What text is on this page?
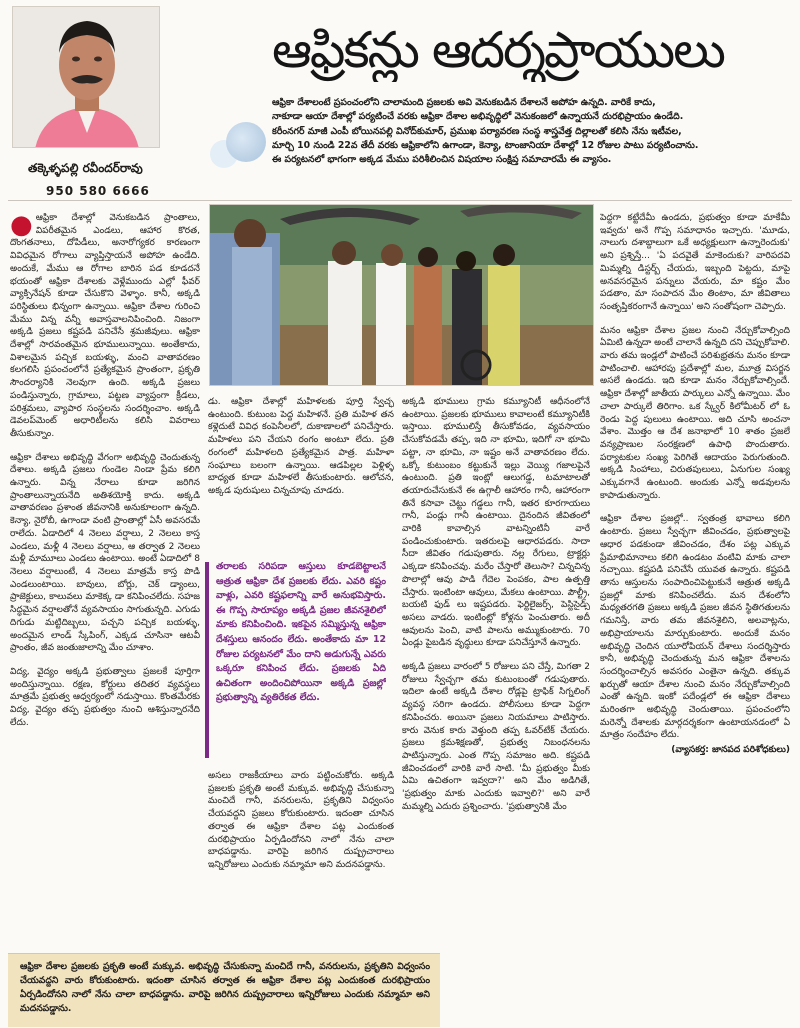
ఆఫ్రికన్లు ఆదర్శప్రాయులు
తక్కెళ్ళపల్లి రవీందర్‌రావు
950 580 6666
ఆఫ్రికా దేశాలంటే ప్రపంచంలోని చాలామంది ప్రజలకు అవి వెనుకబడిన దేశాలనే అపోహ ఉన్నది. వారికే కాదు,
నాకూడా ఆయా దేశాల్లో పర్యటించే వరకు ఆఫ్రికా దేశాల అభివృద్ధిలో వెనుకంజలో ఉన్నాయనే దురభిప్రాయం ఉండేది.
కరీంనగర్ మాజీ ఎంపీ బోయినపల్లి వినోద్‌కుమార్, ప్రముఖ పర్యావరణ సంస్థ శాస్త్రవేత్త దిల్లాలతో కలిసి నేను ఇటీవల,
మార్చి 10 నుండి 22వ తేదీ వరకు ఆఫ్రికాలోని ఉగాండా, కెన్యా, టాంజానియా దేశాల్లో 12 రోజుల పాటు పర్యటించాను.
ఈ పర్యటనలో భాగంగా అక్కడ మేము పరిశీలించిన విషయాల సంక్షిప్త సమాచారమే ఈ వ్యాసం.

● ఆఫ్రికా దేశాల్లో వెనుకబడిన ప్రాంతాలు, విపరీతమైన ఎండలు, ఆహార కొరత, దొంగతనాలు, దోపిడీలు, అనారోగ్యకర కారణంగా వివిధమైన రోగాలు వ్యాప్తిస్తాయనే అపోహ ఉండేది. అందుకే, మేము ఆ రోగాల బారిన పడ కూడదనే భయంతో ఆఫ్రికా దేశాలకు వెళ్లేముందు ఎల్లో ఫీవర్ వ్యాక్సినేషన్ కూడా చేసుకొని వెళ్ళాం. కానీ, అక్కడి పరిస్థితులు భిన్నంగా ఉన్నాయి. ఆఫ్రికా దేశాల గురించి మేము విన్న వన్నీ అవాస్తవాలనిపించింది. నిజంగా అక్కడి ప్రజలు కష్టపడి పనిచేసే శ్రమజీవులు. ఆఫ్రికా దేశాల్లో సారవంతమైన భూములున్నాయి. అంతేకాదు, విశాలమైన పచ్చిక బయళ్ళు, మంచి వాతావరణం కలగలిసి ప్రపంచంలోనే ప్రత్యేకమైన ప్రాంతంగా, ప్రకృతి సౌందర్యానికి నెలవుగా ఉంది. అక్కడి ప్రజలు పండిస్తున్నారు, గ్రామాలు, పట్టణ వ్యాప్తంగా క్రీడలు, పరిశ్రమలు, వ్యాపార సంస్థలను సందర్శించాం. అక్కడి డెవలప్‌మెంట్ అధారిటీలను కలిసి వివరాలు తీసుకున్నాం.

ఆఫ్రికా దేశాలు అభివృద్ధి వేగంగా అభివృద్ధి చెందుతున్న దేశాలు. అక్కడి ప్రజలు గుండెల నిండా ప్రేమ కలిగి ఉన్నారు. విన్న నేరాలు కూడా జరిగిన ప్రాంతాలున్నాయనేది అతిశయోక్తి కాదు. అక్కడి వాతావరణం ప్రశాంత జీవనానికి అనుకూలంగా ఉన్నది. కెన్యా, నైరోబీ, ఉగాండా వంటి ప్రాంతాల్లో ఏసీ అవసరమే రాలేదు. ఏడాదిలో 4 నెలలు వర్షాలు, 2 నెలలు కాస్త ఎండలు, మళ్లీ 4 నెలలు వర్షాలు, ఆ తర్వాత 2 నెలలు మళ్లీ మామూలు ఎండలు ఉంటాయి. అంటే ఏడాదిలో 8 నెలలు వర్షాలుంటే, 4 నెలలు మాత్రమే కాస్త పొడి ఎండలుంటాయి. బావులు, బోర్లు, చెక్ డ్యాంలు, ప్రాజెక్టులు, కాలువలు మాకెక్క డా కనిపించలేదు. సహజ సిద్ధమైన వర్షాలతోనే వ్యవసాయం సాగుతున్నది. ఎగుడు దిగుడు మట్టిదిబ్బలు, పచ్చని పచ్చిక బయళ్ళు, అందమైన లాండ్ స్కేపింగ్, ఎక్కడ చూసినా ఆటవీ ప్రాంతం, జీవ జంతుజాలాన్ని మేం చూశాం.

విద్య, వైద్యం అక్కడి ప్రభుత్వాలు ప్రజలకే పూర్తిగా అందిస్తున్నాయి. రక్షణ, కోర్టులు తదితర వ్యవస్థలు మాత్రమే ప్రభుత్వ ఆధ్వర్యంలో నడుస్తాయి. కొంతమేరకు విద్య, వైద్యం తప్ప ప్రభుత్వం నుంచి ఆశిస్తున్నారనేది లేదు.

డు. ఆఫ్రికా దేశాల్లో మహిళలకు పూర్తి స్వేచ్ఛ ఉంటుంది. కుటుంబ పెద్ద మహిళనే. ప్రతి మహిళ తన కళ్లెదుటే వివిధ కంపెనీలలో, దుకాణాలలో పనిచేస్తారు. మహిళలు పని చేయని రంగం అంటూ లేదు. ప్రతి రంగంలో మహిళలది ప్రత్యేకమైన పాత్ర. మహిళా సంఘాలు బలంగా ఉన్నాయి. ఆడపిల్లల పెళ్లిళ్ళ బాధ్యత కూడా మహిళలే తీసుకుంటారు. ఆలోచన, అక్కడ పురుషులు చిన్నచూపు చూడరు.

తరాలకు సరిపడా ఆస్తులు కూడబెట్టాలనే ఆత్రుత ఆఫ్రికా దేశ ప్రజలకు లేదు. ఎవరి కష్టం వాళ్లు, ఎవరి కష్టఫలాన్ని వారే అనుభవిస్తారు. ఈ గొప్ప సారూప్యం అక్కడి ప్రజల జీవనశైలిలో మాకు కనిపించింది. ఇకపైన సమ్మిస్తున్న ఆఫ్రికా దేశస్తులు ఆనందం లేదు. అంతేకాదు మా 12 రోజుల పర్యటనలో మేం దాని అడుగున్నే ఎవరు ఒక్కరూ కనిపించ లేదు. ప్రజలకు ఏది ఉచితంగా అందించిపోయినా అక్కడి ప్రజల్లో ప్రభుత్వాన్ని వ్యతిరేకత లేదు.

అసలు రాజకీయాలు వారు పట్టించుకోరు. అక్కడి ప్రజలకు ప్రకృతి అంటే మక్కువ. అభివృద్ధి చేసుకున్నా మంచిదే గానీ, వనరులను, ప్రకృతిని విధ్వంసం చేయవద్దని ప్రజలు కోరుకుంటారు. ఇదంతా చూసిన తర్వాత ఈ ఆఫ్రికా దేశాల పట్ల ఎందుకంత దురభిప్రాయం ఏర్పడిందోనని నాలో నేను చాలా బాధపడ్డాను. వారిపై జరిగిన దుష్ప్రచారాలు ఇన్నిరోజులు ఎందుకు నమ్మామా అని మదనపడ్డాను.

అక్కడి భూములు గ్రామ కమ్యూనిటీ ఆధీనంలోనే ఉంటాయి. ప్రజలకు భూములు కావాలంటే కమ్యూనిటీకి ఇస్తాయి. భూములిస్తే తీసుకోవడం, వ్యవసాయం చేసుకోవడమే తప్ప, ఇది నా భూమి, ఇదిగో నా భూమి పట్టా, నా భూమి, నా ఇష్టం అనే వాతావరణం లేదు. ఒక్కో కుటుంబం కట్టుకునే ఇల్లు వెయ్యి గజాలపైనే ఉంటుంది. ప్రతి ఇంట్లో ఆలుగడ్డ, టమాటాలతో తయారుచేసుకునే ఈ ఉగ్గాలీ ఆహారం గానీ, ఆహారంగా తినే కసావా చెట్టు గడ్డలు గానీ, ఇతర కూరగాయలు గానీ, పండ్లు గానీ ఉంటాయి. దైనందిన జీవితంలో వారికి కావాల్సిన వాటన్నింటినీ వారే పండించుకుంటారు. ఇతరులపై ఆధారపడరు. సాదా సీదా జీవితం గడుపుతారు. నల్ల రేగులు, ట్రాక్టర్లు ఎక్కడా కనిపించవు. మరేం చేస్తారో తెలుసా? చిన్నచిన్న పొలాల్లో ఆవు పాడి గేదెల పెంపకం, పాల ఉత్పత్తి చేస్తారు. ఇంటింటా ఆవులు, మేకలు ఉంటాయి. పౌల్ట్రీ, బయటి ఫుడ్ లు ఇష్టపడరు. ఫెర్టిలైజర్స్, పెస్టిసైడ్స్ అసలు వాడరు. ఇంటింట్లో కోళ్లను పెంచుతారు. అదీ ఆవులను పెంచి, వాటి పాలను అమ్ముకుంటారు. 70 ఏండ్లు పైబడిన వృద్ధులు కూడా పనిచేస్తూనే ఉన్నారు.

అక్కడి ప్రజలు వారంలో 5 రోజులు పని చేస్తే, మిగతా 2 రోజులు స్వేచ్ఛగా తమ కుటుంబంతో గడుపుతారు. ఇదిలా ఉంటే అక్కడి దేశాల రోడ్లపై ట్రాఫిక్ సిగ్నలింగ్ వ్యవస్థ సరిగా ఉండదు. పోలీసులు కూడా పెద్దగా కనిపించరు. అయినా ప్రజలు నియమాలు పాటిస్తారు. కారు వెనుక కారు వెళ్తుంది తప్ప ఓవర్‌టేక్ చేయరు. ప్రజలు క్రమశిక్షణతో, ప్రభుత్వ నిబంధనలను పాటిస్తున్నారు. ఎంత గొప్ప సమాజం అది. కష్టపడి జీవించడంలో వారికి వారే సాటి. 'మీ ప్రభుత్వం మీకు ఏమి ఉచితంగా ఇవ్వదా?' అని మేం అడిగితే, 'ప్రభుత్వం మాకు ఎందుకు ఇవ్వాలి?' అని వారే మమ్మల్ని ఎదురు ప్రశ్నించారు. 'ప్రభుత్వానికి మేం

పెద్దగా కట్టేదేమీ ఉండదు, ప్రభుత్వం కూడా మాకేమీ ఇవ్వదు' అనే గొప్ప సమాధానం ఇచ్చారు. 'మూడు, నాలుగు దశాబ్దాలుగా ఒకే అధ్యక్షులుగా ఉన్నారెందుకు' అని ప్రశ్నిస్తే... 'ఏ పదవైతే మాకెందుకు? వారిపదవి మిమ్మల్ని డిస్టర్బ్ చేయదు, ఇబ్బంది పెట్టదు, మాపై అనవసరమైన పన్నులు వేయరు, మా కష్టం మేం పడతాం, మా సంపాదన మేం తింటాం, మా జీవితాలు సంతృప్తికరంగానే ఉన్నాయి' అని సంతోషంగా చెప్పారు.

మనం ఆఫ్రికా దేశాల ప్రజల నుంచి నేర్చుకోవాల్సింది ఏమిటి ఉన్నదా అంటే చాలానే ఉన్నది దని చెప్పుకోవాలి. వారు తమ ఇండ్లలో పాటించే పరిశుభ్రతను మనం కూడా పాటించాలి. ఆహారపు ప్రదేశాల్లో మల, మూత్ర విసర్జన అసలే ఉండదు. ఇది కూడా మనం నేర్చుకోవాల్సిందే. ఆఫ్రికా దేశాల్లో జాతీయ పార్కులు ఎన్నో ఉన్నాయి. మేం చాలా పార్కులే తిరిగాం. ఒక స్క్వేర్ కిలోమీటర్ లో ఓ రెండు పెద్ద పులులు ఉంటాయి. అది చూసి అంచనా వేశాం. మొత్తం ఆ దేశ జనాభాలో 10 శాతం ప్రజలే వన్యప్రాణుల సంరక్షణలో ఉపాధి పొందుతారు. పర్యాటకుల సంఖ్య పెరిగితే ఆదాయం పెరుగుతుంది. అక్కడి సింహాలు, చిరుతపులులు, ఏనుగుల సంఖ్య ఎక్కువగానే ఉంటుంది. అందుకు ఎన్నో అడవులను కాపాడుతున్నారు.

ఆఫ్రికా దేశాల ప్రజల్లో.. స్వతంత్ర భావాలు కలిగి ఉంటారు. ప్రజలు స్వేచ్ఛగా జీవించడం, ప్రభుత్వాలపై ఆధార పడకుండా జీవించడం, దేశం పట్ల ఎక్కువ ప్రేమాభిమానాలు కలిగి ఉండటం వంటివి మాకు చాలా నచ్చాయి. కష్టపడి పనిచేసే యువత ఉన్నారు. కష్టపడి తాను ఆస్తులను సంపాదించిపెట్టుకునే ఆత్రుత అక్కడి ప్రజల్లో మాకు కనిపించలేదు. మన దేశంలోని మధ్యతరగతి ప్రజలు అక్కడి ప్రజల జీవన స్థితిగతులను గమనిస్తే, వారు తమ జీవనశైలిని, అలవాట్లను, అభిప్రాయాలను మార్చుకుంటారు. అందుకే మనం అభివృద్ధి చెందిన యూరోపియన్ దేశాలు సందర్శిస్తారు కానీ, అభివృద్ధి చెందుతున్న మన ఆఫ్రికా దేశాలను సందర్శించాల్సిన అవసరం ఎంతైనా ఉన్నది. తక్కువ ఖర్చుతో ఆయా దేశాల నుంచి మనం నేర్చుకోవాల్సింది ఎంతో ఉన్నది. ఇంకో పదేండ్లలో ఈ ఆఫ్రికా దేశాలు మరింతగా అభివృద్ధి చెందుతాయి. ప్రపంచంలోని మరెన్నో దేశాలకు మార్గదర్శకంగా ఉంటాయనడంలో ఏ మాత్రం సందేహం లేదు.

(వ్యాసకర్త: జానపద పరిశోధకులు)

ఆఫ్రికా దేశాల ప్రజలకు ప్రకృతి అంటే మక్కువ. అభివృద్ధి చేసుకున్నా మంచిదే గానీ, వనరులను, ప్రకృతిని విధ్వంసం చేయవద్దని వారు కోరుకుంటారు. ఇదంతా చూసిన తర్వాత ఈ ఆఫ్రికా దేశాల పట్ల ఎందుకంత దురభిప్రాయం ఏర్పడిందోనని నాలో నేను చాలా బాధపడ్డాను. వారిపై జరిగిన దుష్ప్రచారాలు ఇన్నిరోజులు ఎందుకు నమ్మామా అని మదనపడ్డాను.
